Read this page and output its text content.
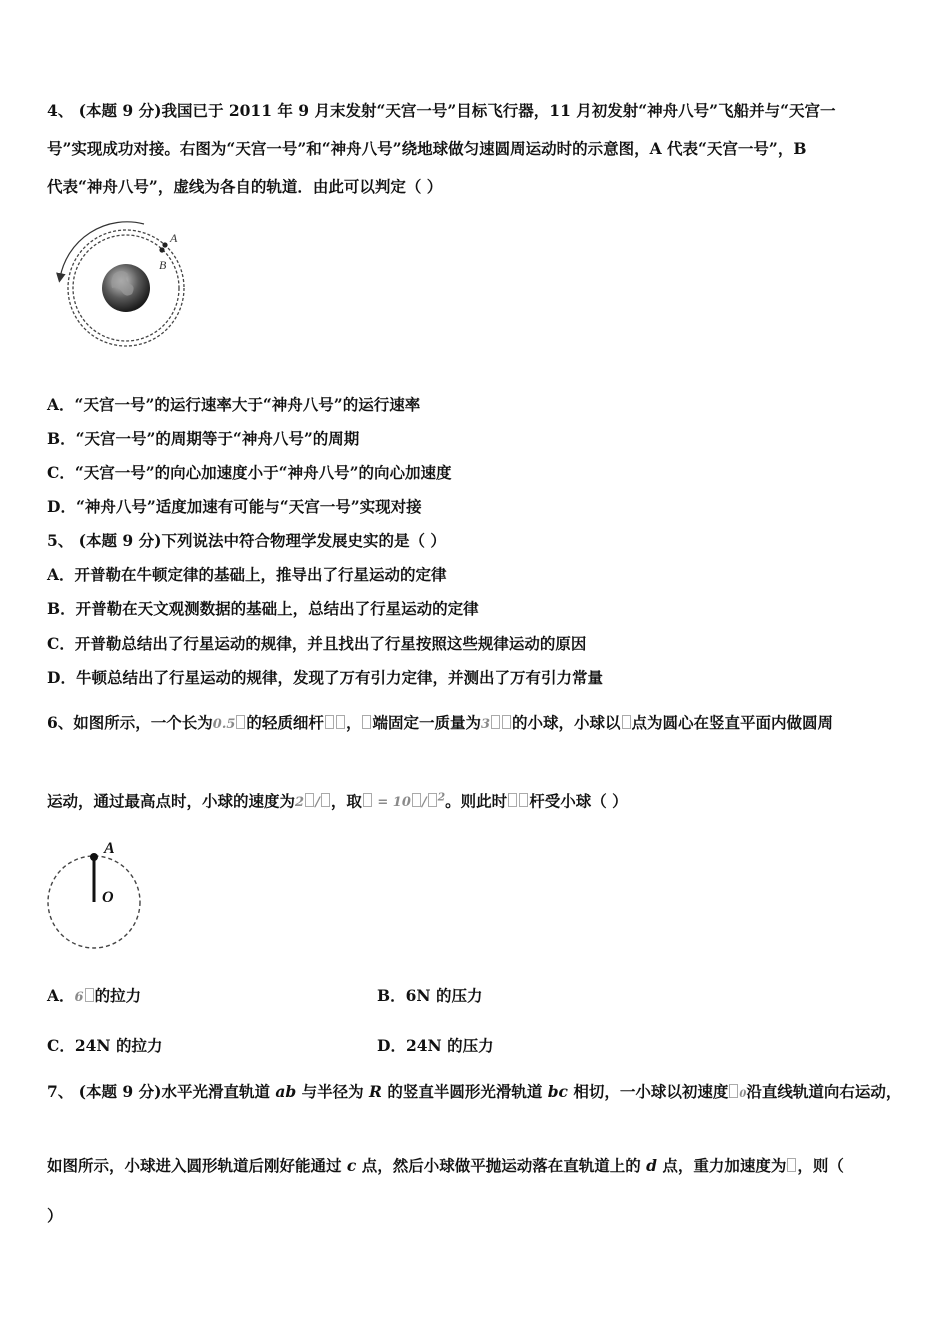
4、 (本题 9 分)我国已于 2011 年 9 月末发射“天宫一号”目标飞行器，11 月初发射“神舟八号”飞船并与“天宫一
号”实现成功对接。右图为“天宫一号”和“神舟八号”绕地球做匀速圆周运动时的示意图，A 代表“天宫一号”，B
代表“神舟八号”，虚线为各自的轨道．由此可以判定（ ）
A
B
A．“天宫一号”的运行速率大于“神舟八号”的运行速率
B．“天宫一号”的周期等于“神舟八号”的周期
C．“天宫一号”的向心加速度小于“神舟八号”的向心加速度
D．“神舟八号”适度加速有可能与“天宫一号”实现对接
5、 (本题 9 分)下列说法中符合物理学发展史实的是（ ）
A．开普勒在牛顿定律的基础上，推导出了行星运动的定律
B．开普勒在天文观测数据的基础上，总结出了行星运动的定律
C．开普勒总结出了行星运动的规律，并且找出了行星按照这些规律运动的原因
D．牛顿总结出了行星运动的规律，发现了万有引力定律，并测出了万有引力常量
6、如图所示，一个长为0.5 的轻质细杆 ， 端固定一质量为3 的小球，小球以 点为圆心在竖直平面内做圆周
运动，通过最高点时，小球的速度为2 / ，取 = 10 / $^2$。则此时 杆受小球（ ）
A
O
A．6 的拉力	B．6N 的压力
C．24N 的拉力	D．24N 的压力
7、 (本题 9 分)水平光滑直轨道 ab 与半径为 R 的竖直半圆形光滑轨道 bc 相切，一小球以初速度 0沿直线轨道向右运动，
如图所示，小球进入圆形轨道后刚好能通过 c 点，然后小球做平抛运动落在直轨道上的 d 点，重力加速度为 ，则（
）
